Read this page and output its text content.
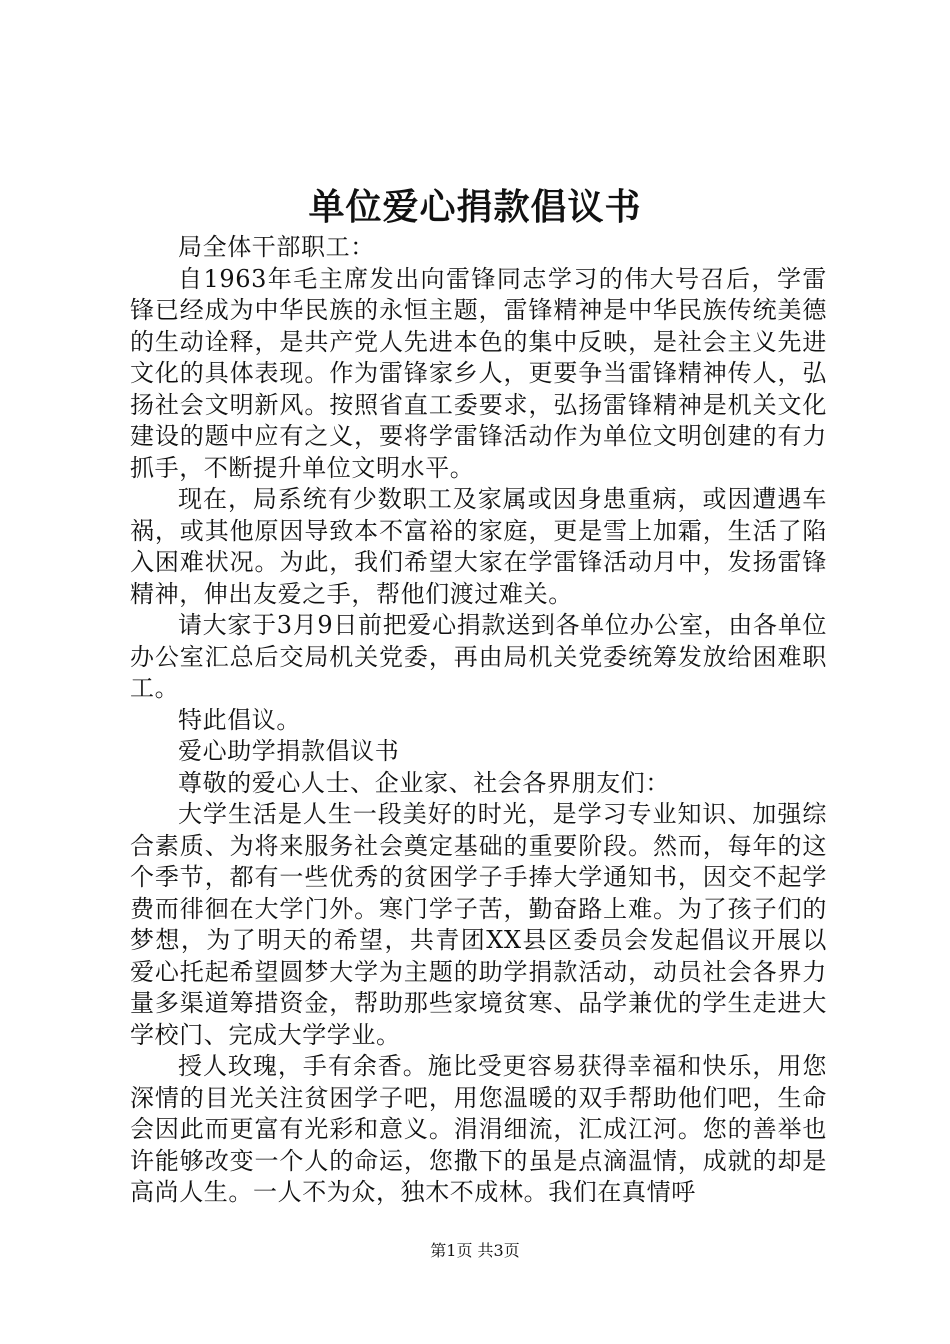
单位爱心捐款倡议书

局全体干部职工：

自1963年毛主席发出向雷锋同志学习的伟大号召后，学雷锋已经成为中华民族的永恒主题，雷锋精神是中华民族传统美德的生动诠释，是共产党人先进本色的集中反映，是社会主义先进文化的具体表现。作为雷锋家乡人，更要争当雷锋精神传人，弘扬社会文明新风。按照省直工委要求，弘扬雷锋精神是机关文化建设的题中应有之义，要将学雷锋活动作为单位文明创建的有力抓手，不断提升单位文明水平。

现在，局系统有少数职工及家属或因身患重病，或因遭遇车祸，或其他原因导致本不富裕的家庭，更是雪上加霜，生活了陷入困难状况。为此，我们希望大家在学雷锋活动月中，发扬雷锋精神，伸出友爱之手，帮他们渡过难关。

请大家于3月9日前把爱心捐款送到各单位办公室，由各单位办公室汇总后交局机关党委，再由局机关党委统筹发放给困难职工。

特此倡议。

爱心助学捐款倡议书

尊敬的爱心人士、企业家、社会各界朋友们：

大学生活是人生一段美好的时光，是学习专业知识、加强综合素质、为将来服务社会奠定基础的重要阶段。然而，每年的这个季节，都有一些优秀的贫困学子手捧大学通知书，因交不起学费而徘徊在大学门外。寒门学子苦，勤奋路上难。为了孩子们的梦想，为了明天的希望，共青团XX县区委员会发起倡议开展以爱心托起希望圆梦大学为主题的助学捐款活动，动员社会各界力量多渠道筹措资金，帮助那些家境贫寒、品学兼优的学生走进大学校门、完成大学学业。

授人玫瑰，手有余香。施比受更容易获得幸福和快乐，用您深情的目光关注贫困学子吧，用您温暖的双手帮助他们吧，生命会因此而更富有光彩和意义。涓涓细流，汇成江河。您的善举也许能够改变一个人的命运，您撒下的虽是点滴温情，成就的却是高尚人生。一人不为众，独木不成林。我们在真情呼

第1页 共3页
